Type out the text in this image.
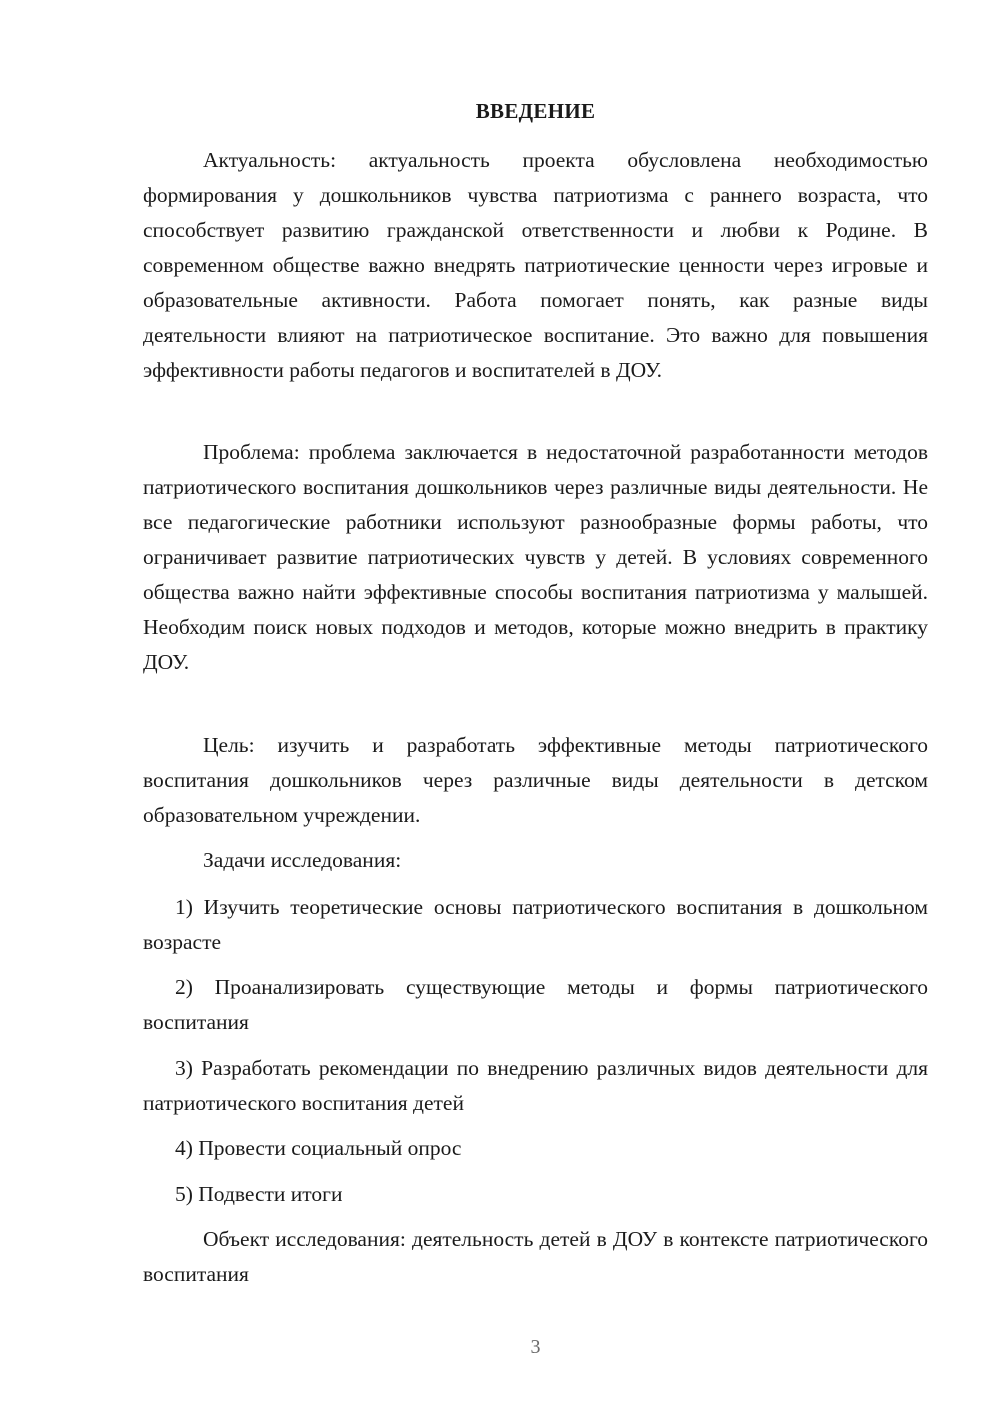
ВВЕДЕНИЕ

Актуальность: актуальность проекта обусловлена необходимостью формирования у дошкольников чувства патриотизма с раннего возраста, что способствует развитию гражданской ответственности и любви к Родине. В современном обществе важно внедрять патриотические ценности через игровые и образовательные активности. Работа помогает понять, как разные виды деятельности влияют на патриотическое воспитание. Это важно для повышения эффективности работы педагогов и воспитателей в ДОУ.

Проблема: проблема заключается в недостаточной разработанности методов патриотического воспитания дошкольников через различные виды деятельности. Не все педагогические работники используют разнообразные формы работы, что ограничивает развитие патриотических чувств у детей. В условиях современного общества важно найти эффективные способы воспитания патриотизма у малышей. Необходим поиск новых подходов и методов, которые можно внедрить в практику ДОУ.

Цель: изучить и разработать эффективные методы патриотического воспитания дошкольников через различные виды деятельности в детском образовательном учреждении.

Задачи исследования:

1) Изучить теоретические основы патриотического воспитания в дошкольном возрасте

2) Проанализировать существующие методы и формы патриотического воспитания

3) Разработать рекомендации по внедрению различных видов деятельности для патриотического воспитания детей

4) Провести социальный опрос

5) Подвести итоги

Объект исследования: деятельность детей в ДОУ в контексте патриотического воспитания

3
